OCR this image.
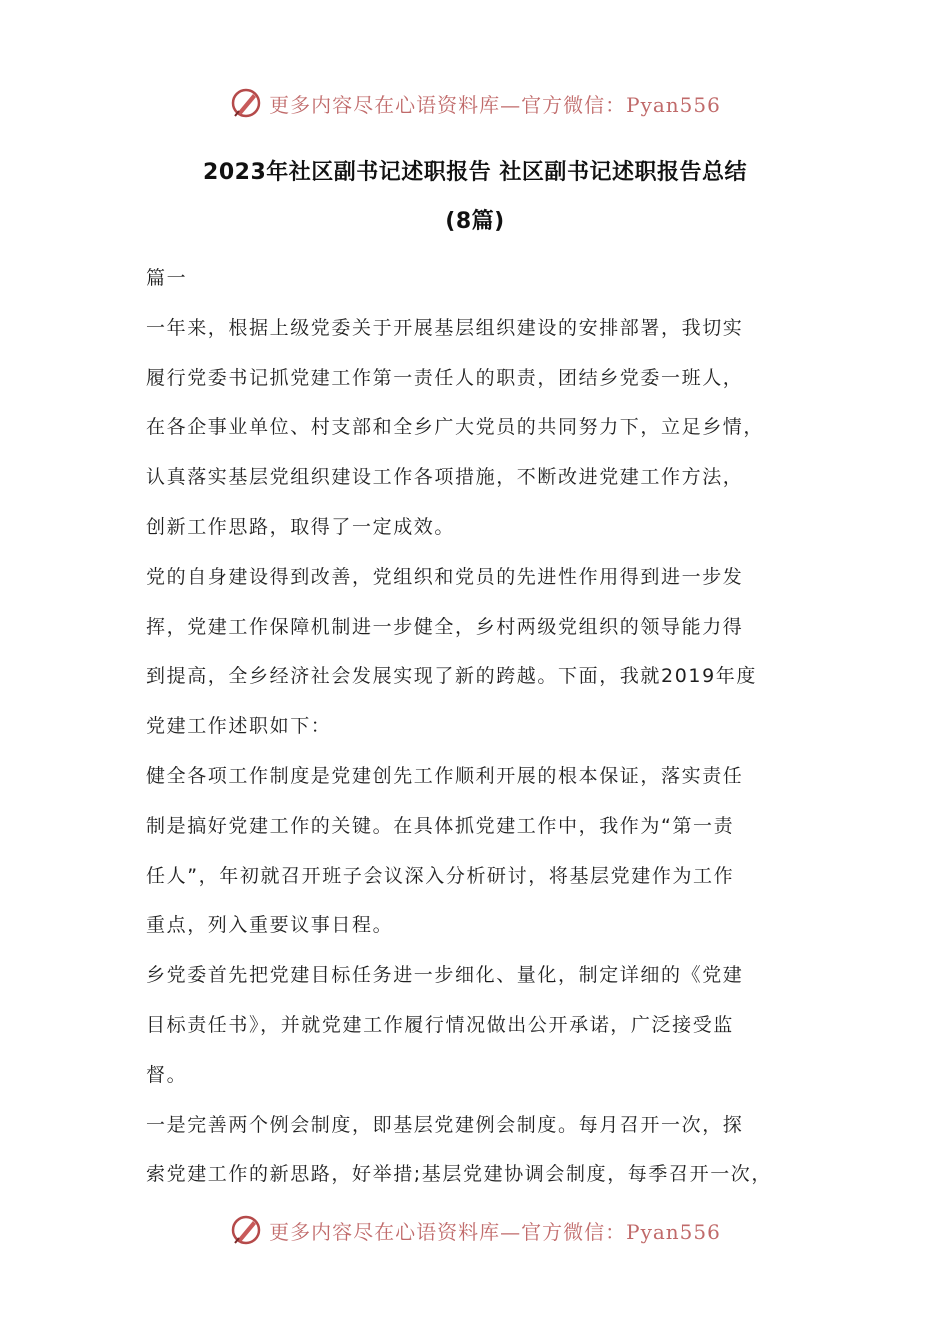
更多内容尽在心语资料库—官方微信：Pyan556
2023年社区副书记述职报告 社区副书记述职报告总结
(8篇)
篇一
一年来，根据上级党委关于开展基层组织建设的安排部署，我切实
履行党委书记抓党建工作第一责任人的职责，团结乡党委一班人，
在各企事业单位、村支部和全乡广大党员的共同努力下，立足乡情，
认真落实基层党组织建设工作各项措施，不断改进党建工作方法，
创新工作思路，取得了一定成效。
党的自身建设得到改善，党组织和党员的先进性作用得到进一步发
挥，党建工作保障机制进一步健全，乡村两级党组织的领导能力得
到提高，全乡经济社会发展实现了新的跨越。下面，我就2019年度
党建工作述职如下：
健全各项工作制度是党建创先工作顺利开展的根本保证，落实责任
制是搞好党建工作的关键。在具体抓党建工作中，我作为“第一责
任人”，年初就召开班子会议深入分析研讨，将基层党建作为工作
重点，列入重要议事日程。
乡党委首先把党建目标任务进一步细化、量化，制定详细的《党建
目标责任书》，并就党建工作履行情况做出公开承诺，广泛接受监
督。
一是完善两个例会制度，即基层党建例会制度。每月召开一次，探
索党建工作的新思路，好举措;基层党建协调会制度，每季召开一次，
更多内容尽在心语资料库—官方微信：Pyan556
